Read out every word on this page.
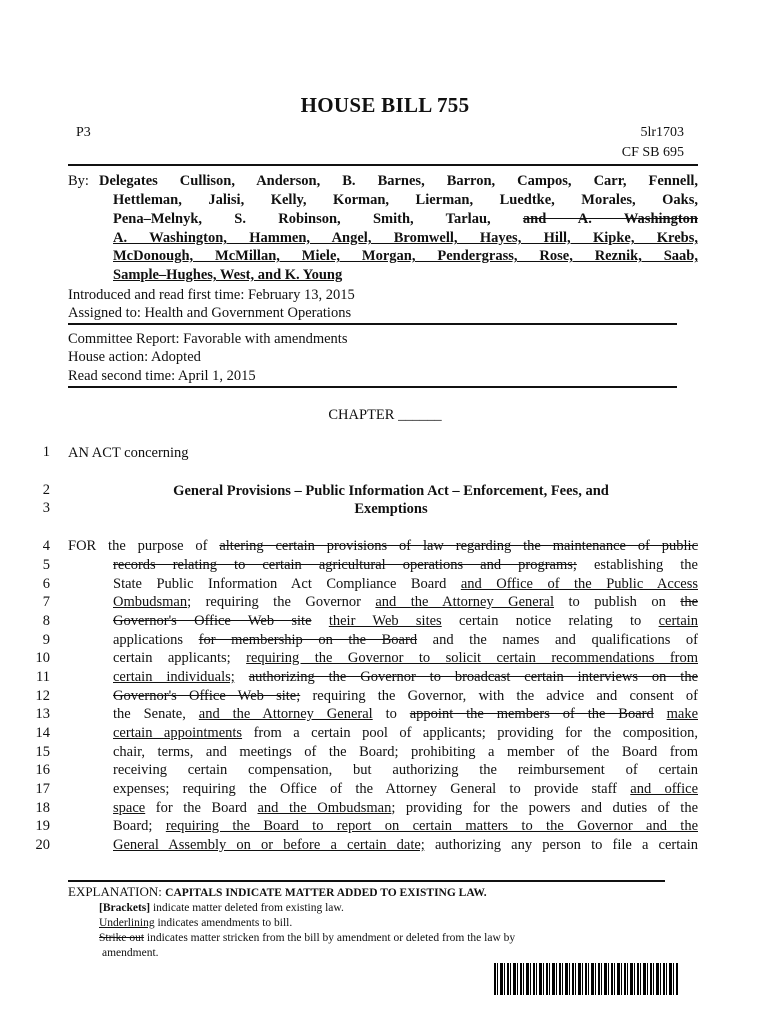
HOUSE BILL 755
P3	5lr1703
CF SB 695
By: Delegates Cullison, Anderson, B. Barnes, Barron, Campos, Carr, Fennell,
Hettleman, Jalisi, Kelly, Korman, Lierman, Luedtke, Morales, Oaks,
Pena–Melnyk, S. Robinson, Smith, Tarlau, and A. Washington
A. Washington, Hammen, Angel, Bromwell, Hayes, Hill, Kipke, Krebs,
McDonough, McMillan, Miele, Morgan, Pendergrass, Rose, Reznik, Saab,
Sample–Hughes, West, and K. Young
Introduced and read first time: February 13, 2015
Assigned to: Health and Government Operations
Committee Report: Favorable with amendments
House action: Adopted
Read second time: April 1, 2015
CHAPTER ______
1
2
3
4
5
6
7
8
9
10
11
12
13
14
15
16
17
18
19
20
AN ACT concerning
General Provisions – Public Information Act – Enforcement, Fees, and
Exemptions
FOR the purpose of altering certain provisions of law regarding the maintenance of public
records relating to certain agricultural operations and programs; establishing the
State Public Information Act Compliance Board and Office of the Public Access
Ombudsman; requiring the Governor and the Attorney General to publish on the
Governor's Office Web site their Web sites certain notice relating to certain
applications for membership on the Board and the names and qualifications of
certain applicants; requiring the Governor to solicit certain recommendations from
certain individuals; authorizing the Governor to broadcast certain interviews on the
Governor's Office Web site; requiring the Governor, with the advice and consent of
the Senate, and the Attorney General to appoint the members of the Board make
certain appointments from a certain pool of applicants; providing for the composition,
chair, terms, and meetings of the Board; prohibiting a member of the Board from
receiving certain compensation, but authorizing the reimbursement of certain
expenses; requiring the Office of the Attorney General to provide staff and office
space for the Board and the Ombudsman; providing for the powers and duties of the
Board; requiring the Board to report on certain matters to the Governor and the
General Assembly on or before a certain date; authorizing any person to file a certain
EXPLANATION: CAPITALS INDICATE MATTER ADDED TO EXISTING LAW.
[Brackets] indicate matter deleted from existing law.
Underlining indicates amendments to bill.
Strike out indicates matter stricken from the bill by amendment or deleted from the law by
amendment.
